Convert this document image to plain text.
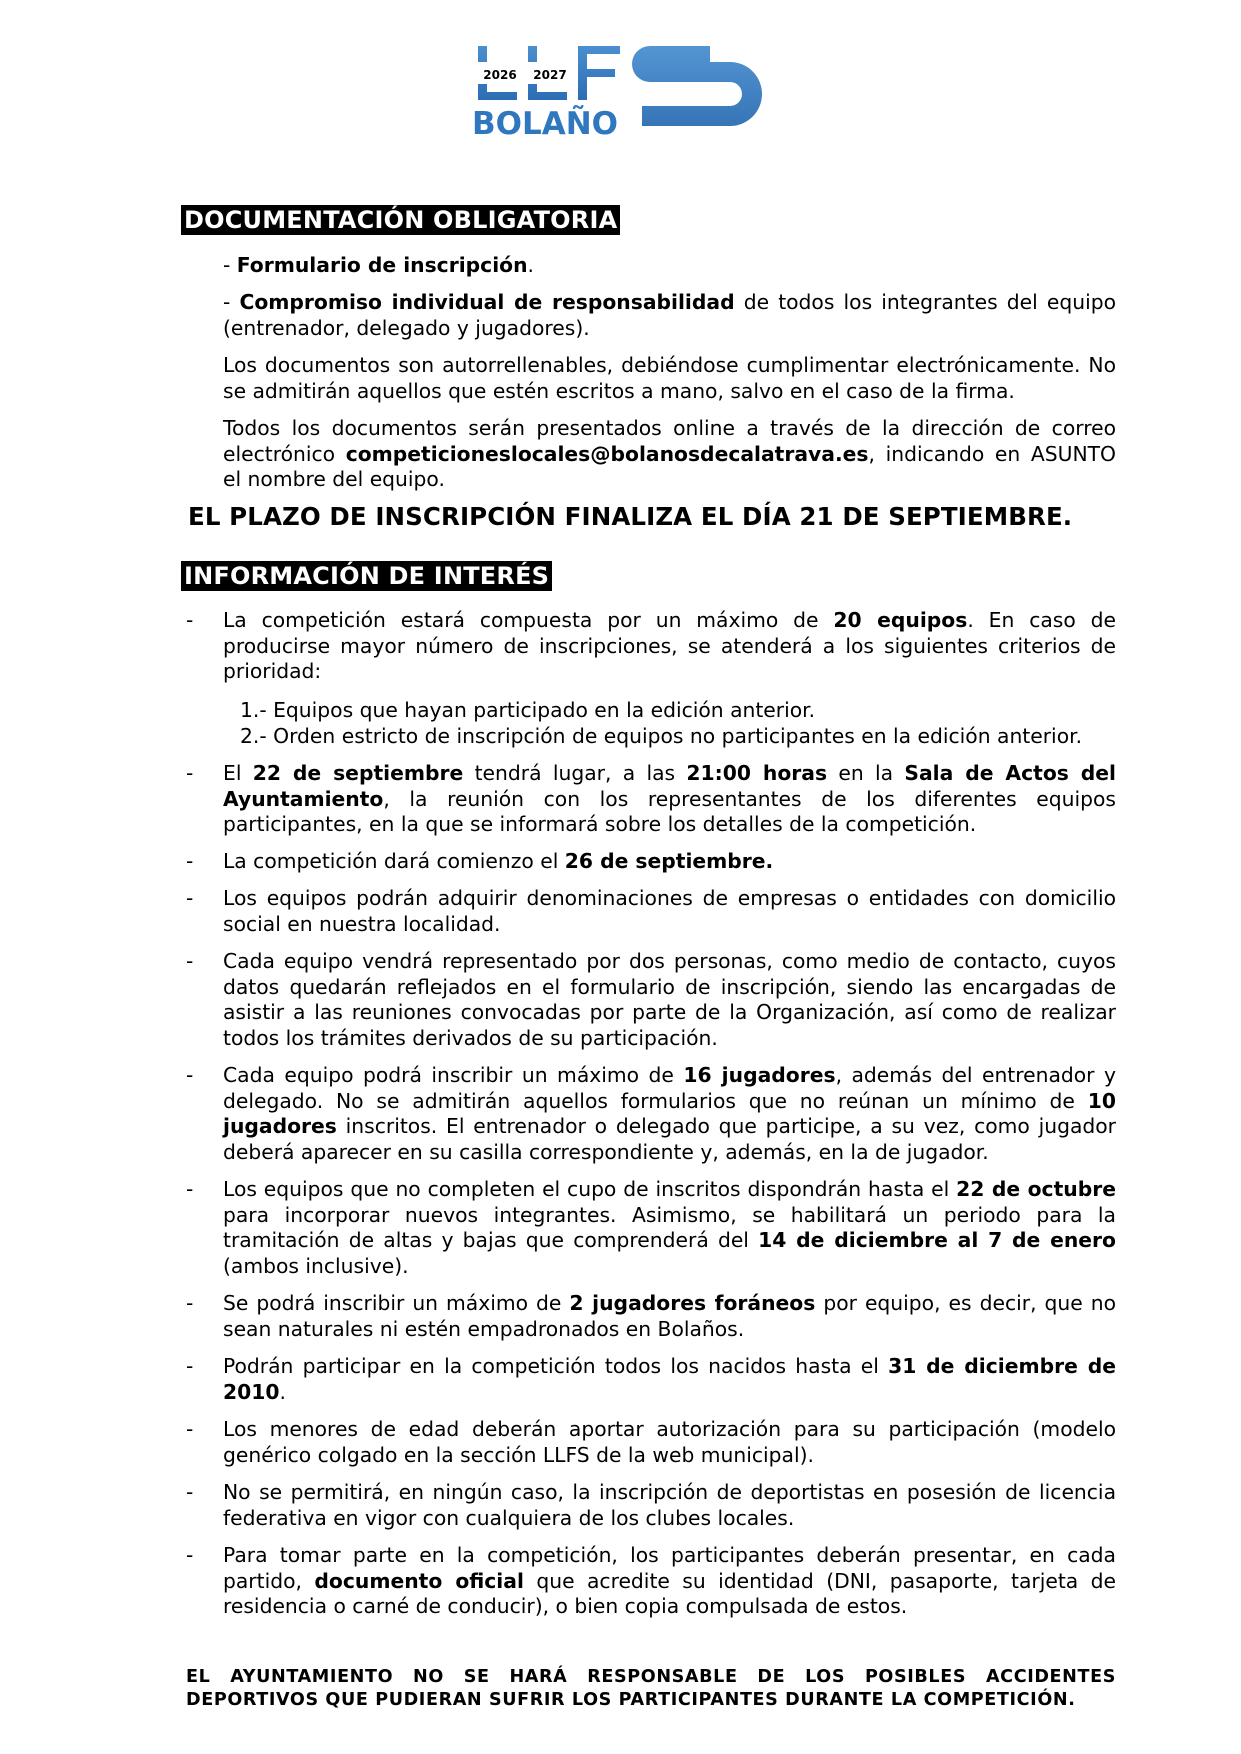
2026 2027
BOLAÑO
DOCUMENTACIÓN OBLIGATORIA
- Formulario de inscripción.
- Compromiso individual de responsabilidad de todos los integrantes del equipo (entrenador, delegado y jugadores).
Los documentos son autorrellenables, debiéndose cumplimentar electrónicamente. No se admitirán aquellos que estén escritos a mano, salvo en el caso de la firma.
Todos los documentos serán presentados online a través de la dirección de correo electrónico competicioneslocales@bolanosdecalatrava.es, indicando en ASUNTO el nombre del equipo.
EL PLAZO DE INSCRIPCIÓN FINALIZA EL DÍA 21 DE SEPTIEMBRE.
INFORMACIÓN DE INTERÉS
-	La competición estará compuesta por un máximo de 20 equipos. En caso de producirse mayor número de inscripciones, se atenderá a los siguientes criterios de prioridad:
1.- Equipos que hayan participado en la edición anterior.
2.- Orden estricto de inscripción de equipos no participantes en la edición anterior.
-	El 22 de septiembre tendrá lugar, a las 21:00 horas en la Sala de Actos del Ayuntamiento, la reunión con los representantes de los diferentes equipos participantes, en la que se informará sobre los detalles de la competición.
-	La competición dará comienzo el 26 de septiembre.
-	Los equipos podrán adquirir denominaciones de empresas o entidades con domicilio social en nuestra localidad.
-	Cada equipo vendrá representado por dos personas, como medio de contacto, cuyos datos quedarán reflejados en el formulario de inscripción, siendo las encargadas de asistir a las reuniones convocadas por parte de la Organización, así como de realizar todos los trámites derivados de su participación.
-	Cada equipo podrá inscribir un máximo de 16 jugadores, además del entrenador y delegado. No se admitirán aquellos formularios que no reúnan un mínimo de 10 jugadores inscritos. El entrenador o delegado que participe, a su vez, como jugador deberá aparecer en su casilla correspondiente y, además, en la de jugador.
-	Los equipos que no completen el cupo de inscritos dispondrán hasta el 22 de octubre para incorporar nuevos integrantes. Asimismo, se habilitará un periodo para la tramitación de altas y bajas que comprenderá del 14 de diciembre al 7 de enero (ambos inclusive).
-	Se podrá inscribir un máximo de 2 jugadores foráneos por equipo, es decir, que no sean naturales ni estén empadronados en Bolaños.
-	Podrán participar en la competición todos los nacidos hasta el 31 de diciembre de 2010.
-	Los menores de edad deberán aportar autorización para su participación (modelo genérico colgado en la sección LLFS de la web municipal).
-	No se permitirá, en ningún caso, la inscripción de deportistas en posesión de licencia federativa en vigor con cualquiera de los clubes locales.
-	Para tomar parte en la competición, los participantes deberán presentar, en cada partido, documento oficial que acredite su identidad (DNI, pasaporte, tarjeta de residencia o carné de conducir), o bien copia compulsada de estos.
EL AYUNTAMIENTO NO SE HARÁ RESPONSABLE DE LOS POSIBLES ACCIDENTES DEPORTIVOS QUE PUDIERAN SUFRIR LOS PARTICIPANTES DURANTE LA COMPETICIÓN.
